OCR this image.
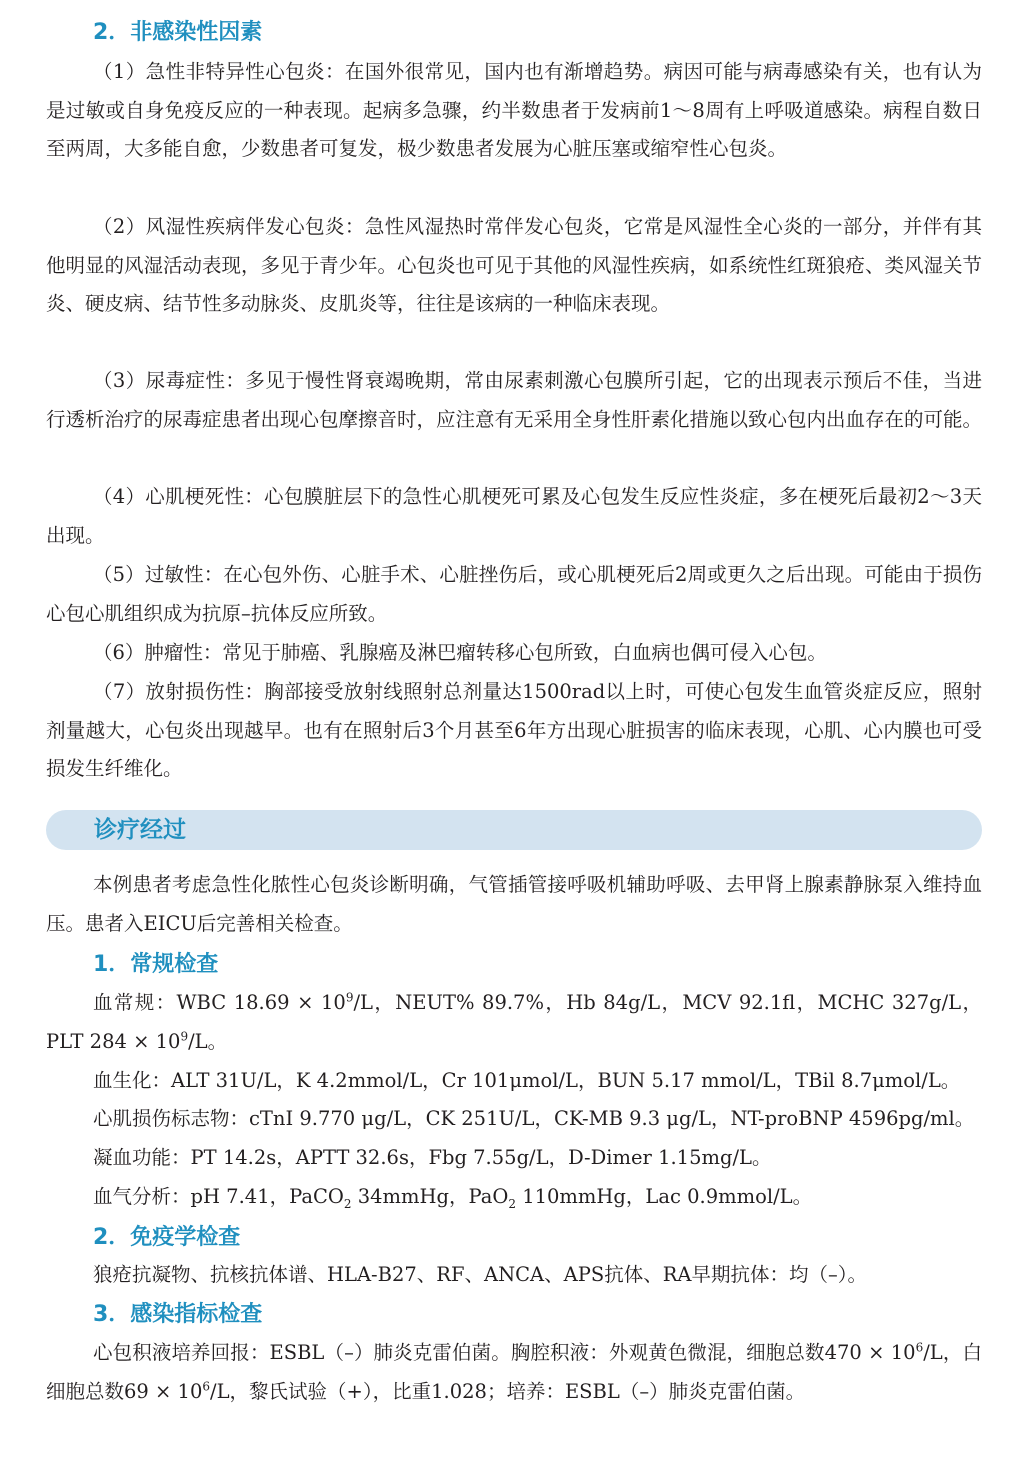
2．非感染性因素

（1）急性非特异性心包炎：在国外很常见，国内也有渐增趋势。病因可能与病毒感染有关，也有认为是过敏或自身免疫反应的一种表现。起病多急骤，约半数患者于发病前1～8周有上呼吸道感染。病程自数日至两周，大多能自愈，少数患者可复发，极少数患者发展为心脏压塞或缩窄性心包炎。

（2）风湿性疾病伴发心包炎：急性风湿热时常伴发心包炎，它常是风湿性全心炎的一部分，并伴有其他明显的风湿活动表现，多见于青少年。心包炎也可见于其他的风湿性疾病，如系统性红斑狼疮、类风湿关节炎、硬皮病、结节性多动脉炎、皮肌炎等，往往是该病的一种临床表现。

（3）尿毒症性：多见于慢性肾衰竭晚期，常由尿素刺激心包膜所引起，它的出现表示预后不佳，当进行透析治疗的尿毒症患者出现心包摩擦音时，应注意有无采用全身性肝素化措施以致心包内出血存在的可能。

（4）心肌梗死性：心包膜脏层下的急性心肌梗死可累及心包发生反应性炎症，多在梗死后最初2～3天出现。

（5）过敏性：在心包外伤、心脏手术、心脏挫伤后，或心肌梗死后2周或更久之后出现。可能由于损伤心包心肌组织成为抗原–抗体反应所致。

（6）肿瘤性：常见于肺癌、乳腺癌及淋巴瘤转移心包所致，白血病也偶可侵入心包。

（7）放射损伤性：胸部接受放射线照射总剂量达1500rad以上时，可使心包发生血管炎症反应，照射剂量越大，心包炎出现越早。也有在照射后3个月甚至6年方出现心脏损害的临床表现，心肌、心内膜也可受损发生纤维化。

诊疗经过

本例患者考虑急性化脓性心包炎诊断明确，气管插管接呼吸机辅助呼吸、去甲肾上腺素静脉泵入维持血压。患者入EICU后完善相关检查。

1．常规检查

血常规：WBC $18.69 \times 10^9/L$，NEUT% 89.7%，Hb 84g/L，MCV 92.1fl，MCHC 327g/L，PLT $284 \times 10^9/L$。

血生化：ALT 31U/L，K 4.2mmol/L，Cr 101μmol/L，BUN 5.17 mmol/L，TBil 8.7μmol/L。

心肌损伤标志物：cTnI 9.770 μg/L，CK 251U/L，CK-MB 9.3 μg/L，NT-proBNP 4596pg/ml。

凝血功能：PT 14.2s，APTT 32.6s，Fbg 7.55g/L，D-Dimer 1.15mg/L。

血气分析：pH 7.41，PaCO$_2$ 34mmHg，PaO$_2$ 110mmHg，Lac 0.9mmol/L。

2．免疫学检查

狼疮抗凝物、抗核抗体谱、HLA-B27、RF、ANCA、APS抗体、RA早期抗体：均（–）。

3．感染指标检查

心包积液培养回报：ESBL（–）肺炎克雷伯菌。胸腔积液：外观黄色微混，细胞总数$470 \times 10^6/L$，白细胞总数$69 \times 10^6/L$，黎氏试验（+），比重1.028；培养：ESBL（–）肺炎克雷伯菌。
